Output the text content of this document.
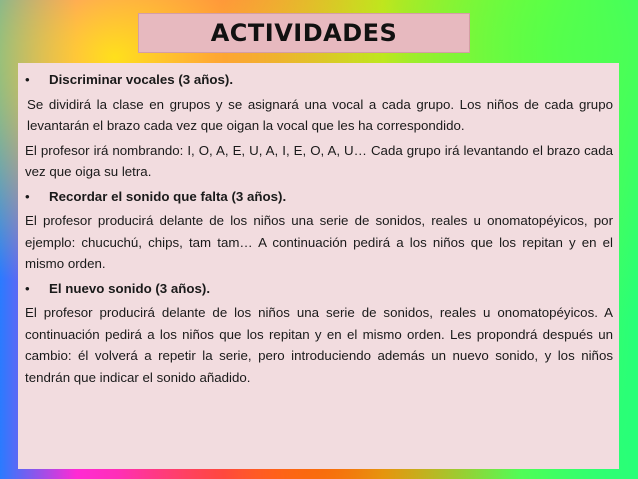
ACTIVIDADES
•	Discriminar vocales (3 años).

Se dividirá la clase en grupos y se asignará una vocal a cada grupo. Los niños de cada grupo levantarán el brazo cada vez que oigan la vocal que les ha correspondido.

El profesor irá nombrando: I, O, A, E, U, A, I, E, O, A, U… Cada grupo irá levantando el brazo cada vez que oiga su letra.

•	Recordar el sonido que falta (3 años).

El profesor producirá delante de los niños una serie de sonidos, reales u onomatopéyicos, por ejemplo: chucuchú, chips, tam tam… A continuación pedirá a los niños que los repitan y en el mismo orden.

•	El nuevo sonido (3 años).

El profesor producirá delante de los niños una serie de sonidos, reales u onomatopéyicos. A continuación pedirá a los niños que los repitan y en el mismo orden. Les propondrá después un cambio: él volverá a repetir la serie, pero introduciendo además un nuevo sonido, y los niños tendrán que indicar el sonido añadido.
